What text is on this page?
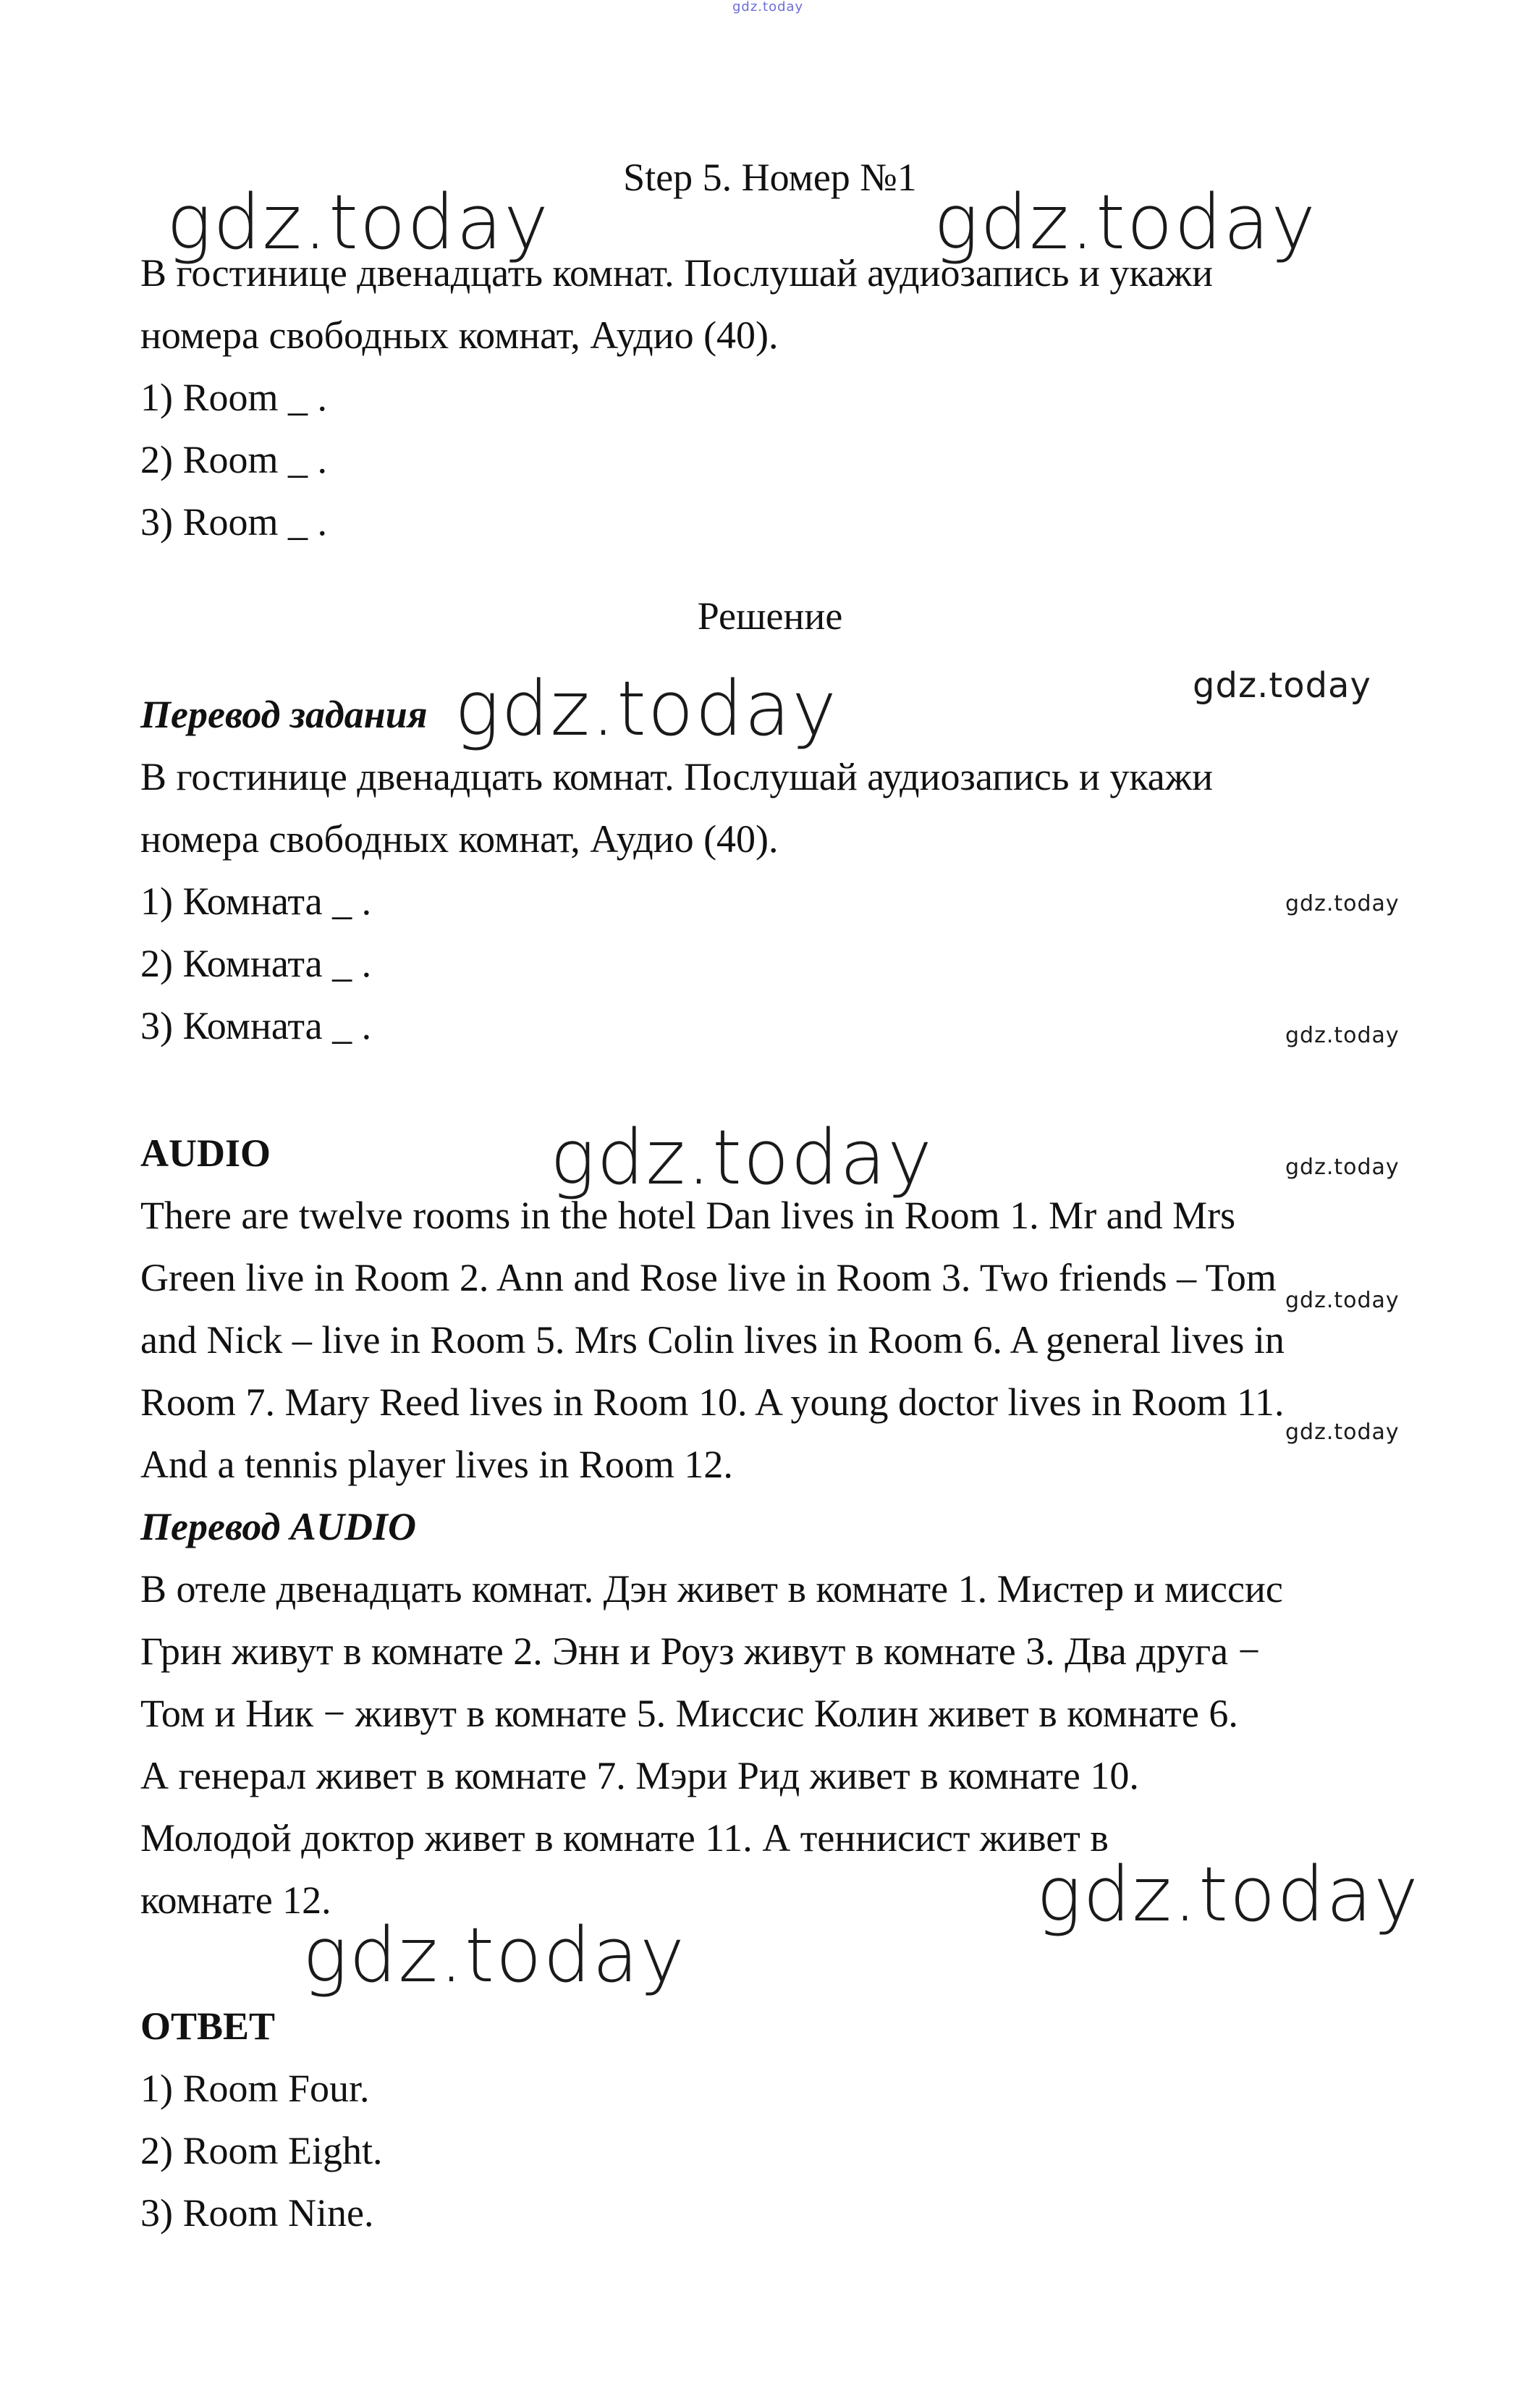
gdz.today
gdz.today	gdz.today
gdz.today	gdz.today
gdz.today
gdz.today
gdz.today	gdz.today
gdz.today
gdz.today
gdz.today
gdz.today
Step 5. Номер №1
В гостинице двенадцать комнат. Послушай аудиозапись и укажи
номера свободных комнат, Аудио (40).
1) Room _ .
2) Room _ .
3) Room _ .
Решение
Перевод задания
В гостинице двенадцать комнат. Послушай аудиозапись и укажи
номера свободных комнат, Аудио (40).
1) Комната _ .
2) Комната _ .
3) Комната _ .
AUDIO
There are twelve rooms in the hotel Dan lives in Room 1. Mr and Mrs
Green live in Room 2. Ann and Rose live in Room 3. Two friends – Tom
and Nick – live in Room 5. Mrs Colin lives in Room 6. A general lives in
Room 7. Mary Reed lives in Room 10. A young doctor lives in Room 11.
And a tennis player lives in Room 12.
Перевод AUDIO
В отеле двенадцать комнат. Дэн живет в комнате 1. Мистер и миссис
Грин живут в комнате 2. Энн и Роуз живут в комнате 3. Два друга −
Том и Ник − живут в комнате 5. Миссис Колин живет в комнате 6.
А генерал живет в комнате 7. Мэри Рид живет в комнате 10.
Молодой доктор живет в комнате 11. А теннисист живет в
комнате 12.
ОТВЕТ
1) Room Four.
2) Room Eight.
3) Room Nine.
